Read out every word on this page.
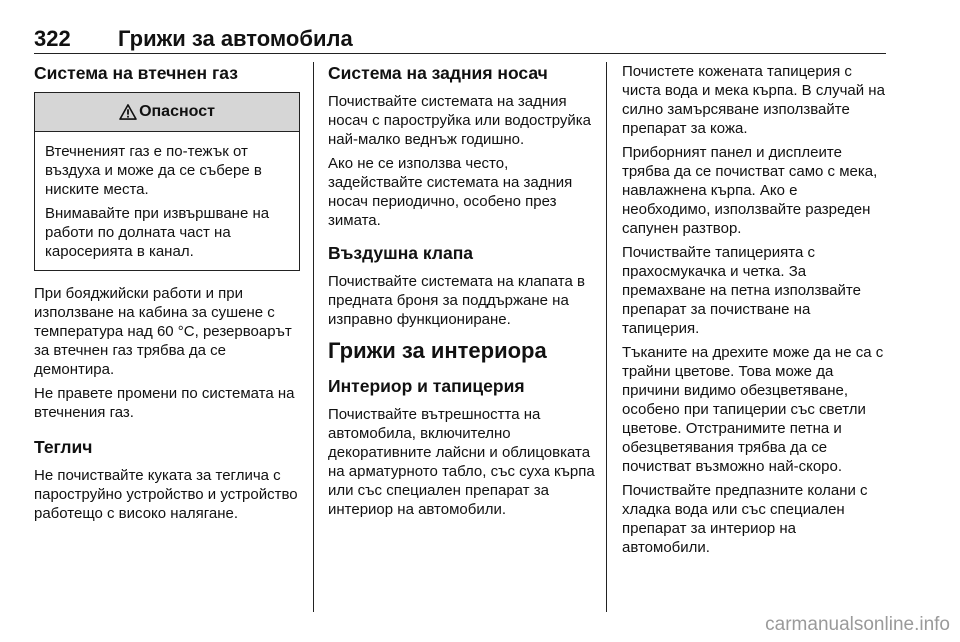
322 Грижи за автомобила
Система на втечнен газ
Опасност

Втечненият газ е по-тежък от въздуха и може да се събере в ниските места.

Внимавайте при извършване на работи по долната част на каросерията в канал.

При бояджийски работи и при използване на кабина за сушене с температура над 60 °C, резервоарът за втечнен газ трябва да се демонтира.

Не правете промени по системата на втечнения газ.

Теглич

Не почиствайте куката за теглича с пароструйно устройство и устройство работещо с високо налягане.

Система на задния носач

Почиствайте системата на задния носач с пароструйка или водоструйка най-малко веднъж годишно.

Ако не се използва често, задействайте системата на задния носач периодично, особено през зимата.

Въздушна клапа

Почиствайте системата на клапата в предната броня за поддържане на изправно функциониране.

Грижи за интериора
Интериор и тапицерия

Почиствайте вътрешността на автомобила, включително декоративните лайсни и облицовката на арматурното табло, със суха кърпа или със специален препарат за интериор на автомобили.

Почистете кожената тапицерия с чиста вода и мека кърпа. В случай на силно замърсяване използвайте препарат за кожа.

Приборният панел и дисплеите трябва да се почистват само с мека, навлажнена кърпа. Ако е необходимо, използвайте разреден сапунен разтвор.

Почиствайте тапицерията с прахосмукачка и четка. За премахване на петна използвайте препарат за почистване на тапицерия.

Тъканите на дрехите може да не са с трайни цветове. Това може да причини видимо обезцветяване, особено при тапицерии със светли цветове. Отстранимите петна и обезцветявания трябва да се почистват възможно най-скоро.

Почиствайте предпазните колани с хладка вода или със специален препарат за интериор на автомобили.

carmanualsonline.info
